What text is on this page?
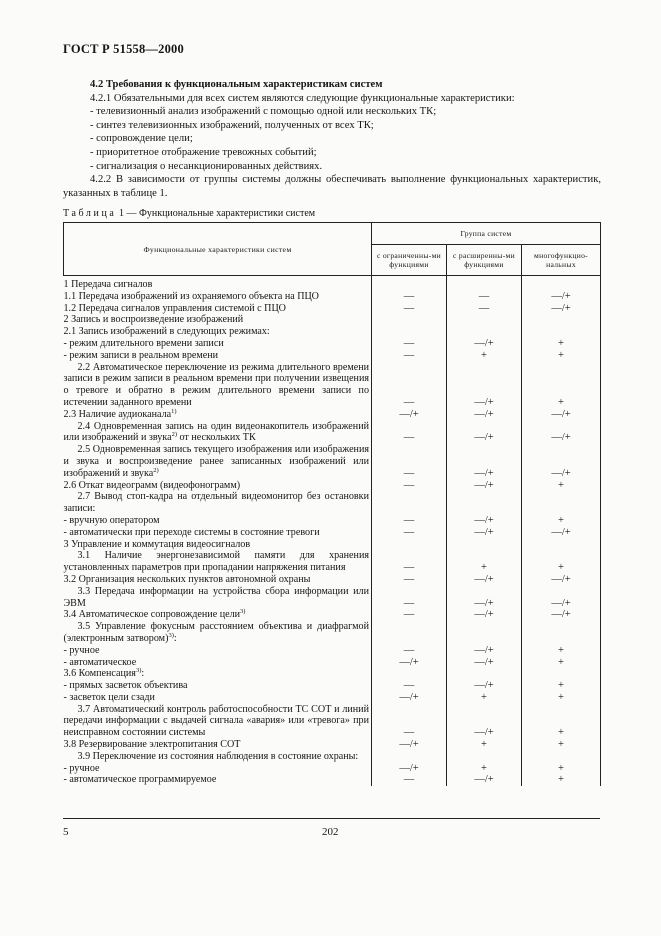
ГОСТ Р 51558—2000
4.2 Требования к функциональным характеристикам систем
4.2.1 Обязательными для всех систем являются следующие функциональные характеристики:
- телевизионный анализ изображений с помощью одной или нескольких ТК;
- синтез телевизионных изображений, полученных от всех ТК;
- сопровождение цели;
- приоритетное отображение тревожных событий;
- сигнализация о несанкционированных действиях.
4.2.2 В зависимости от группы системы должны обеспечивать выполнение функциональных характеристик, указанных в таблице 1.
Таблица 1 — Функциональные характеристики систем
Функциональные характеристики систем	Группа систем		
	с ограниченны-ми функциями	с расширенны-ми функциями	многофункцио-нальных
1 Передача сигналов			
1.1 Передача изображений из охраняемого объекта на ПЦО	—	—	—/+
1.2 Передача сигналов управления системой с ПЦО	—	—	—/+
2 Запись и воспроизведение изображений			
2.1 Запись изображений в следующих режимах:			
- режим длительного времени записи	—	—/+	+
- режим записи в реальном времени	—	+	+
2.2 Автоматическое переключение из режима длительного времени записи в режим записи в реальном времени при получении извещения о тревоге и обратно в режим длительного времени записи по истечении заданного времени	—	—/+	+
2.3 Наличие аудиоканала$^{1)}$	—/+	—/+	—/+
2.4 Одновременная запись на один видеонакопитель изображений или изображений и звука$^{2)}$ от нескольких ТК	—	—/+	—/+
2.5 Одновременная запись текущего изображения или изображения и звука и воспроизведение ранее записанных изображений или изображений и звука$^{2)}$	—	—/+	—/+
2.6 Откат видеограмм (видеофонограмм)	—	—/+	+
2.7 Вывод стоп-кадра на отдельный видеомонитор без остановки записи:			
- вручную оператором	—	—/+	+
- автоматически при переходе системы в состояние тревоги	—	—/+	—/+
3 Управление и коммутация видеосигналов			
3.1 Наличие энергонезависимой памяти для хранения установленных параметров при пропадании напряжения питания	—	+	+
3.2 Организация нескольких пунктов автономной охраны	—	—/+	—/+
3.3 Передача информации на устройства сбора информации или ЭВМ	—	—/+	—/+
3.4 Автоматическое сопровождение цели$^{3)}$	—	—/+	—/+
3.5 Управление фокусным расстоянием объектива и диафрагмой (электронным затвором)$^{3)}$:			
- ручное	—	—/+	+
- автоматическое	—/+	—/+	+
3.6 Компенсация$^{3)}$:			
- прямых засветок объектива	—	—/+	+
- засветок цели сзади	—/+	+	+
3.7 Автоматический контроль работоспособности ТС СОТ и линий передачи информации с выдачей сигнала «авария» или «тревога» при неисправном состоянии системы	—	—/+	+
3.8 Резервирование электропитания СОТ	—/+	+	+
3.9 Переключение из состояния наблюдения в состояние охраны:			
- ручное	—/+	+	+
- автоматическое программируемое	—	—/+	+
5	202
